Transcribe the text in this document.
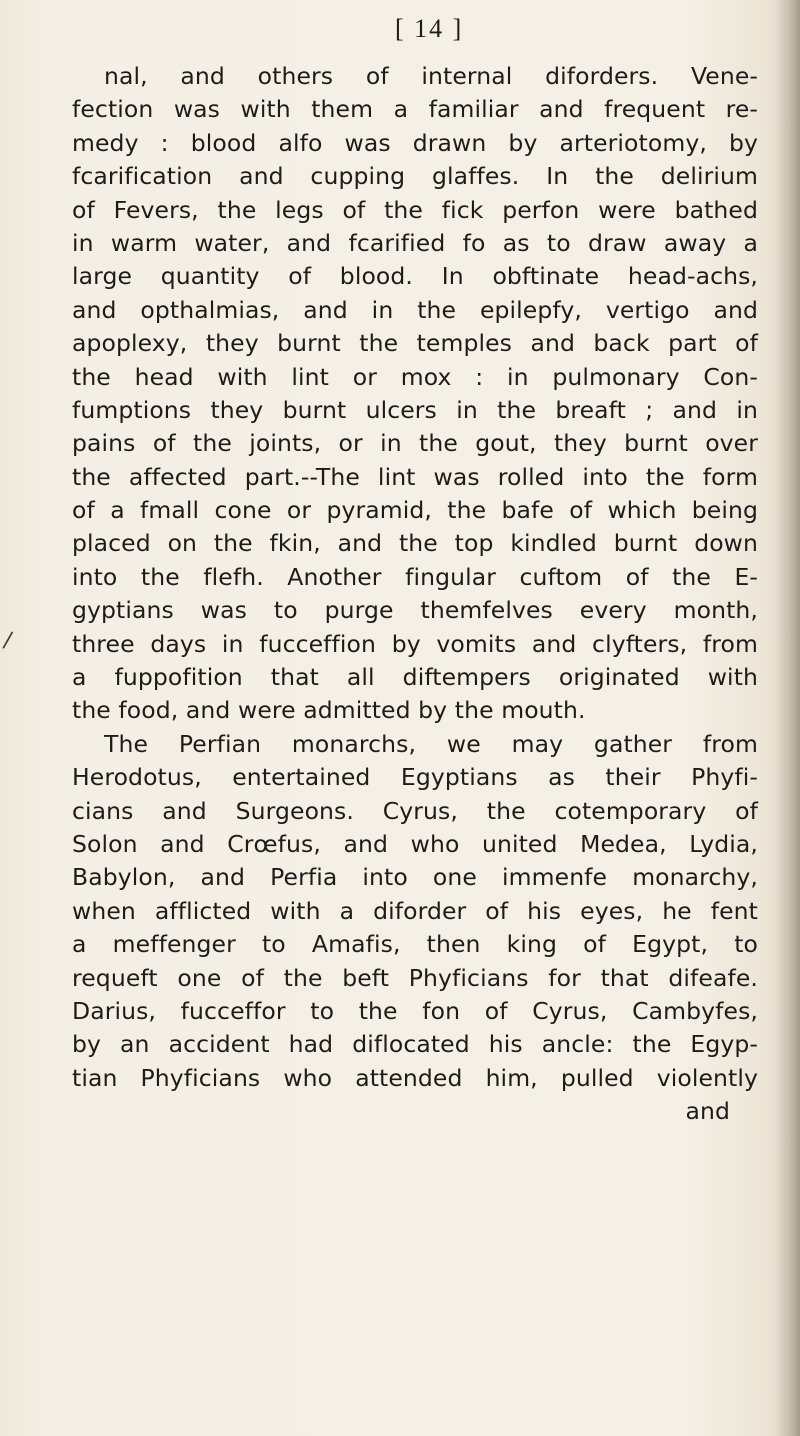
[ 14 ]
/
nal, and others of internal diforders. Vene-
fection was with them a familiar and frequent re-
medy : blood alfo was drawn by arteriotomy, by
fcarification and cupping glaffes. In the delirium
of Fevers, the legs of the fick perfon were bathed
in warm water, and fcarified fo as to draw away a
large quantity of blood. In obftinate head-achs,
and opthalmias, and in the epilepfy, vertigo and
apoplexy, they burnt the temples and back part of
the head with lint or mox : in pulmonary Con-
fumptions they burnt ulcers in the breaft ; and in
pains of the joints, or in the gout, they burnt over
the affected part.--The lint was rolled into the form
of a fmall cone or pyramid, the bafe of which being
placed on the fkin, and the top kindled burnt down
into the flefh. Another fingular cuftom of the E-
gyptians was to purge themfelves every month,
three days in fucceffion by vomits and clyfters, from
a fuppofition that all diftempers originated with
the food, and were admitted by the mouth.
The Perfian monarchs, we may gather from
Herodotus, entertained Egyptians as their Phyfi-
cians and Surgeons. Cyrus, the cotemporary of
Solon and Crœfus, and who united Medea, Lydia,
Babylon, and Perfia into one immenfe monarchy,
when afflicted with a diforder of his eyes, he fent
a meffenger to Amafis, then king of Egypt, to
requeft one of the beft Phyficians for that difeafe.
Darius, fucceffor to the fon of Cyrus, Cambyfes,
by an accident had diflocated his ancle: the Egyp-
tian Phyficians who attended him, pulled violently
and
